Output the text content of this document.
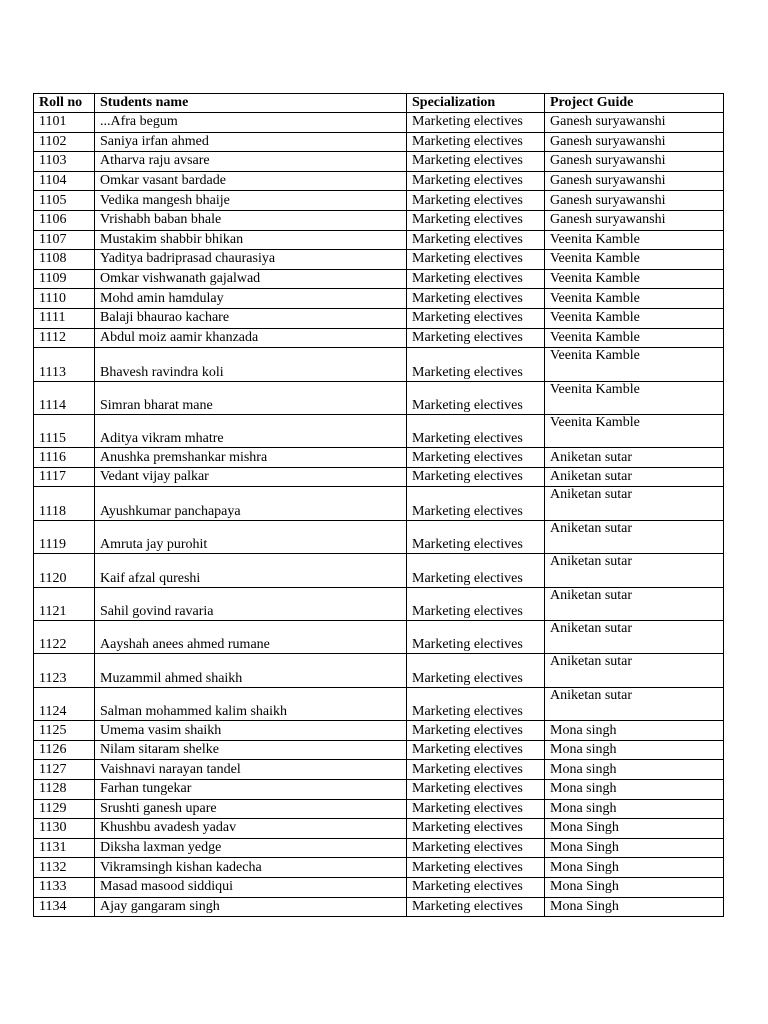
Roll no	Students name	Specialization	Project Guide
1101	...Afra begum	Marketing electives	Ganesh suryawanshi
1102	Saniya irfan ahmed	Marketing electives	Ganesh suryawanshi
1103	Atharva raju avsare	Marketing electives	Ganesh suryawanshi
1104	Omkar vasant bardade	Marketing electives	Ganesh suryawanshi
1105	Vedika mangesh bhaije	Marketing electives	Ganesh suryawanshi
1106	Vrishabh baban bhale	Marketing electives	Ganesh suryawanshi
1107	Mustakim shabbir bhikan	Marketing electives	Veenita Kamble
1108	Yaditya badriprasad chaurasiya	Marketing electives	Veenita Kamble
1109	Omkar vishwanath gajalwad	Marketing electives	Veenita Kamble
1110	Mohd amin hamdulay	Marketing electives	Veenita Kamble
1111	Balaji bhaurao kachare	Marketing electives	Veenita Kamble
1112	Abdul moiz aamir khanzada	Marketing electives	Veenita Kamble
1113	Bhavesh ravindra koli	Marketing electives	Veenita Kamble
1114	Simran bharat mane	Marketing electives	Veenita Kamble
1115	Aditya vikram mhatre	Marketing electives	Veenita Kamble
1116	Anushka premshankar mishra	Marketing electives	Aniketan sutar
1117	Vedant vijay palkar	Marketing electives	Aniketan sutar
1118	Ayushkumar panchapaya	Marketing electives	Aniketan sutar
1119	Amruta jay purohit	Marketing electives	Aniketan sutar
1120	Kaif afzal qureshi	Marketing electives	Aniketan sutar
1121	Sahil govind ravaria	Marketing electives	Aniketan sutar
1122	Aayshah anees ahmed rumane	Marketing electives	Aniketan sutar
1123	Muzammil ahmed shaikh	Marketing electives	Aniketan sutar
1124	Salman mohammed kalim shaikh	Marketing electives	Aniketan sutar
1125	Umema vasim shaikh	Marketing electives	Mona singh
1126	Nilam sitaram shelke	Marketing electives	Mona singh
1127	Vaishnavi narayan tandel	Marketing electives	Mona singh
1128	Farhan tungekar	Marketing electives	Mona singh
1129	Srushti ganesh upare	Marketing electives	Mona singh
1130	Khushbu avadesh yadav	Marketing electives	Mona Singh
1131	Diksha laxman yedge	Marketing electives	Mona Singh
1132	Vikramsingh kishan kadecha	Marketing electives	Mona Singh
1133	Masad masood siddiqui	Marketing electives	Mona Singh
1134	Ajay gangaram singh	Marketing electives	Mona Singh
